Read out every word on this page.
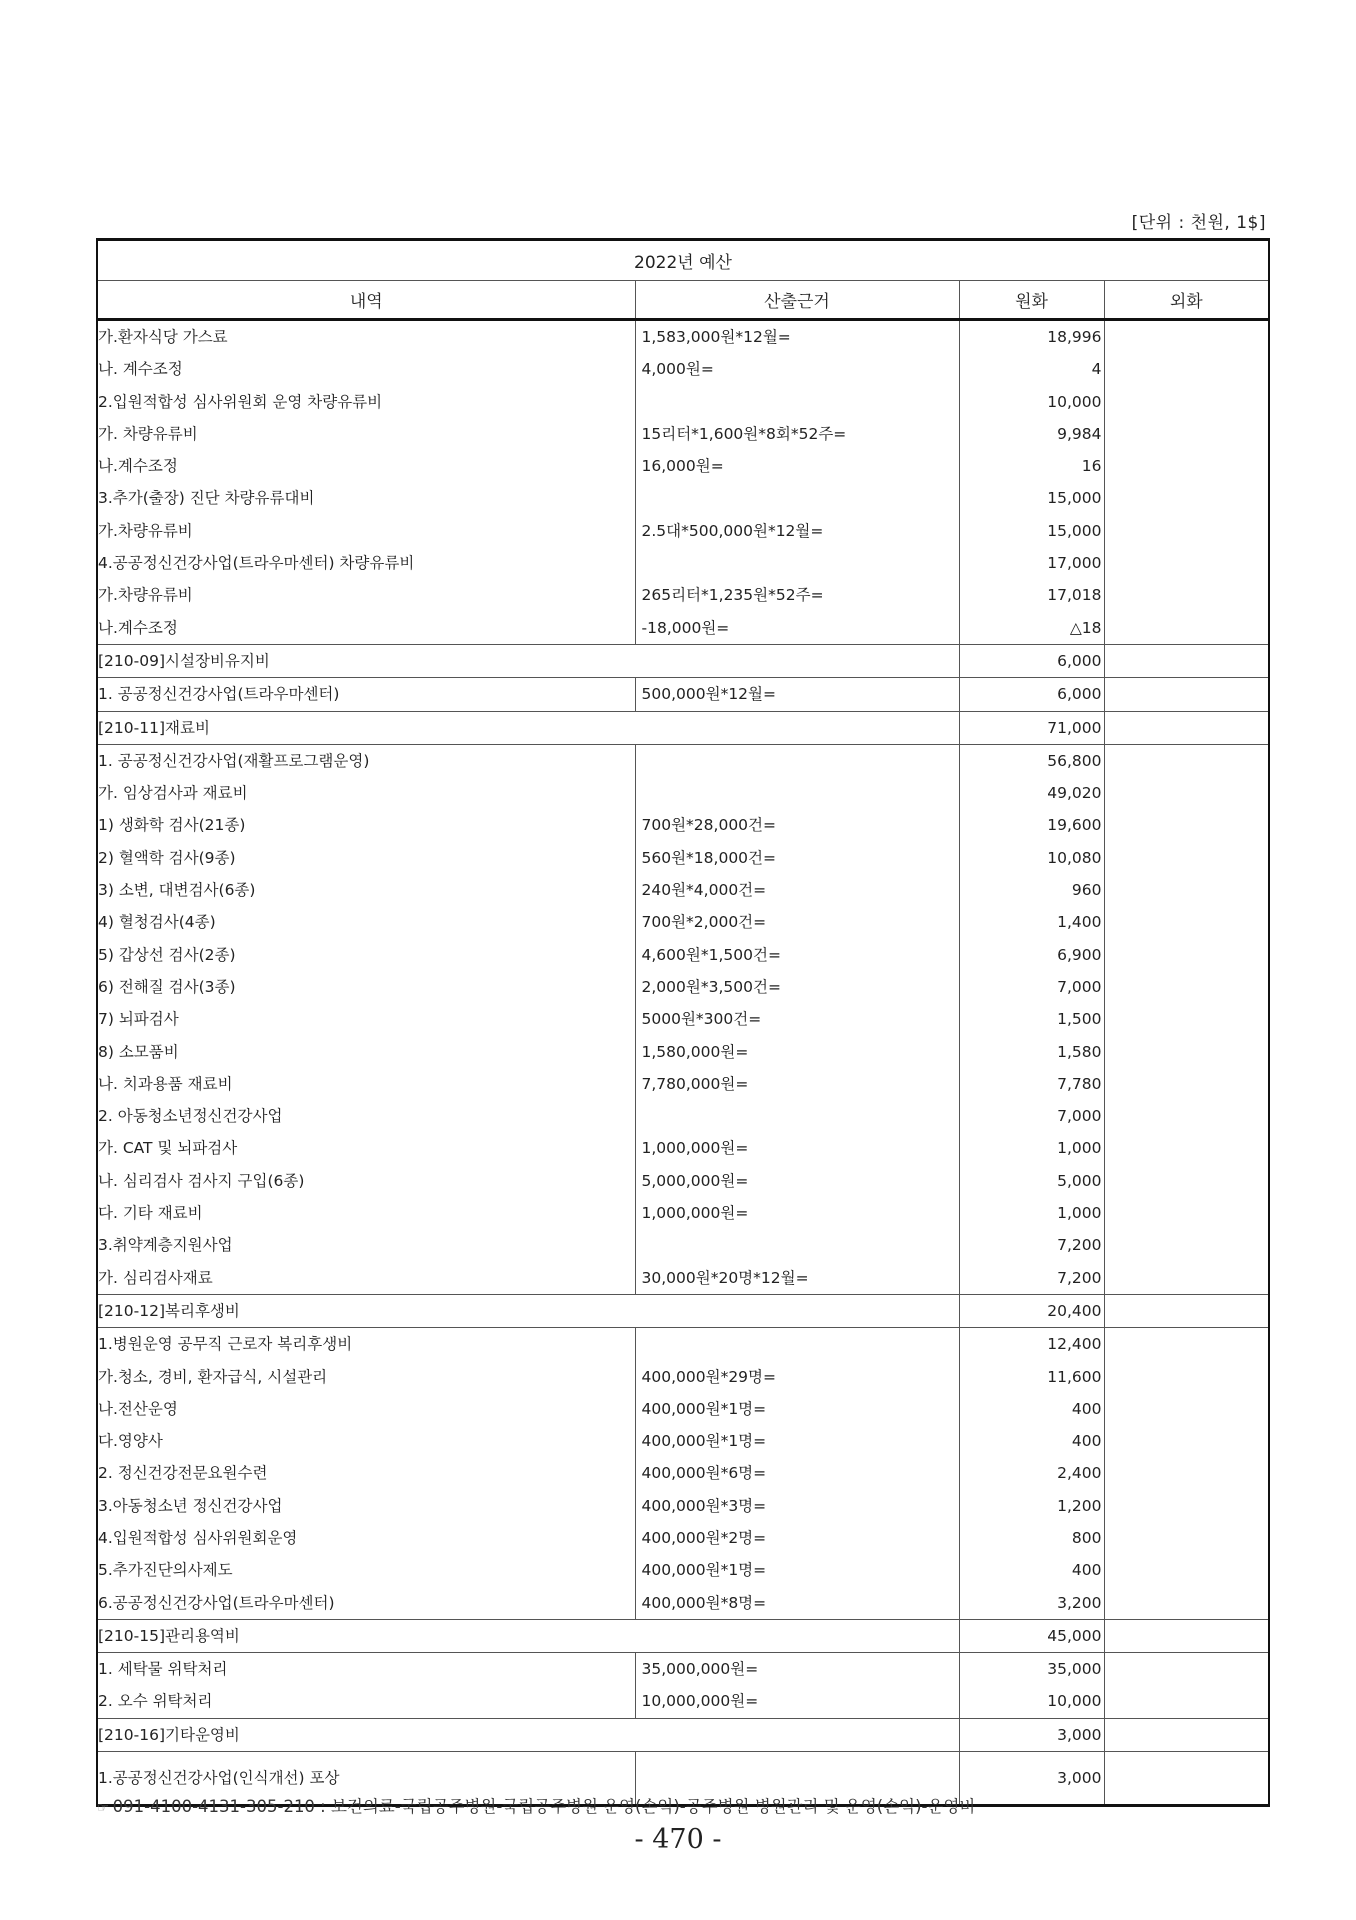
[단위 : 천원, 1$]
2022년 예산			
내역	산출근거	원화	외화
가.환자식당 가스료	1,583,000원*12월=	18,996	
나. 계수조정	4,000원=	4	
2.입원적합성 심사위원회 운영 차량유류비		10,000	
가. 차량유류비	15리터*1,600원*8회*52주=	9,984	
나.계수조정	16,000원=	16	
3.추가(출장) 진단 차량유류대비		15,000	
가.차량유류비	2.5대*500,000원*12월=	15,000	
4.공공정신건강사업(트라우마센터) 차량유류비		17,000	
가.차량유류비	265리터*1,235원*52주=	17,018	
나.계수조정	-18,000원=	△18	
[210-09]시설장비유지비		6,000	
1. 공공정신건강사업(트라우마센터)	500,000원*12월=	6,000	
[210-11]재료비		71,000	
1. 공공정신건강사업(재활프로그램운영)		56,800	
가. 임상검사과 재료비		49,020	
1) 생화학 검사(21종)	700원*28,000건=	19,600	
2) 혈액학 검사(9종)	560원*18,000건=	10,080	
3) 소변, 대변검사(6종)	240원*4,000건=	960	
4) 혈청검사(4종)	700원*2,000건=	1,400	
5) 갑상선 검사(2종)	4,600원*1,500건=	6,900	
6) 전해질 검사(3종)	2,000원*3,500건=	7,000	
7) 뇌파검사	5000원*300건=	1,500	
8) 소모품비	1,580,000원=	1,580	
나. 치과용품 재료비	7,780,000원=	7,780	
2. 아동청소년정신건강사업		7,000	
가. CAT 및 뇌파검사	1,000,000원=	1,000	
나. 심리검사 검사지 구입(6종)	5,000,000원=	5,000	
다. 기타 재료비	1,000,000원=	1,000	
3.취약계층지원사업		7,200	
가. 심리검사재료	30,000원*20명*12월=	7,200	
[210-12]복리후생비		20,400	
1.병원운영 공무직 근로자 복리후생비		12,400	
가.청소, 경비, 환자급식, 시설관리	400,000원*29명=	11,600	
나.전산운영	400,000원*1명=	400	
다.영양사	400,000원*1명=	400	
2. 정신건강전문요원수련	400,000원*6명=	2,400	
3.아동청소년 정신건강사업	400,000원*3명=	1,200	
4.입원적합성 심사위원회운영	400,000원*2명=	800	
5.추가진단의사제도	400,000원*1명=	400	
6.공공정신건강사업(트라우마센터)	400,000원*8명=	3,200	
[210-15]관리용역비		45,000	
1. 세탁물 위탁처리	35,000,000원=	35,000	
2. 오수 위탁처리	10,000,000원=	10,000	
[210-16]기타운영비		3,000	
1.공공정신건강사업(인식개선) 포상		3,000	
☞ 091-4100-4131-305-210 : 보건의료-국립공주병원-국립공주병원 운영(손익)-공주병원 병원관리 및 운영(손익)-운영비
- 470 -
